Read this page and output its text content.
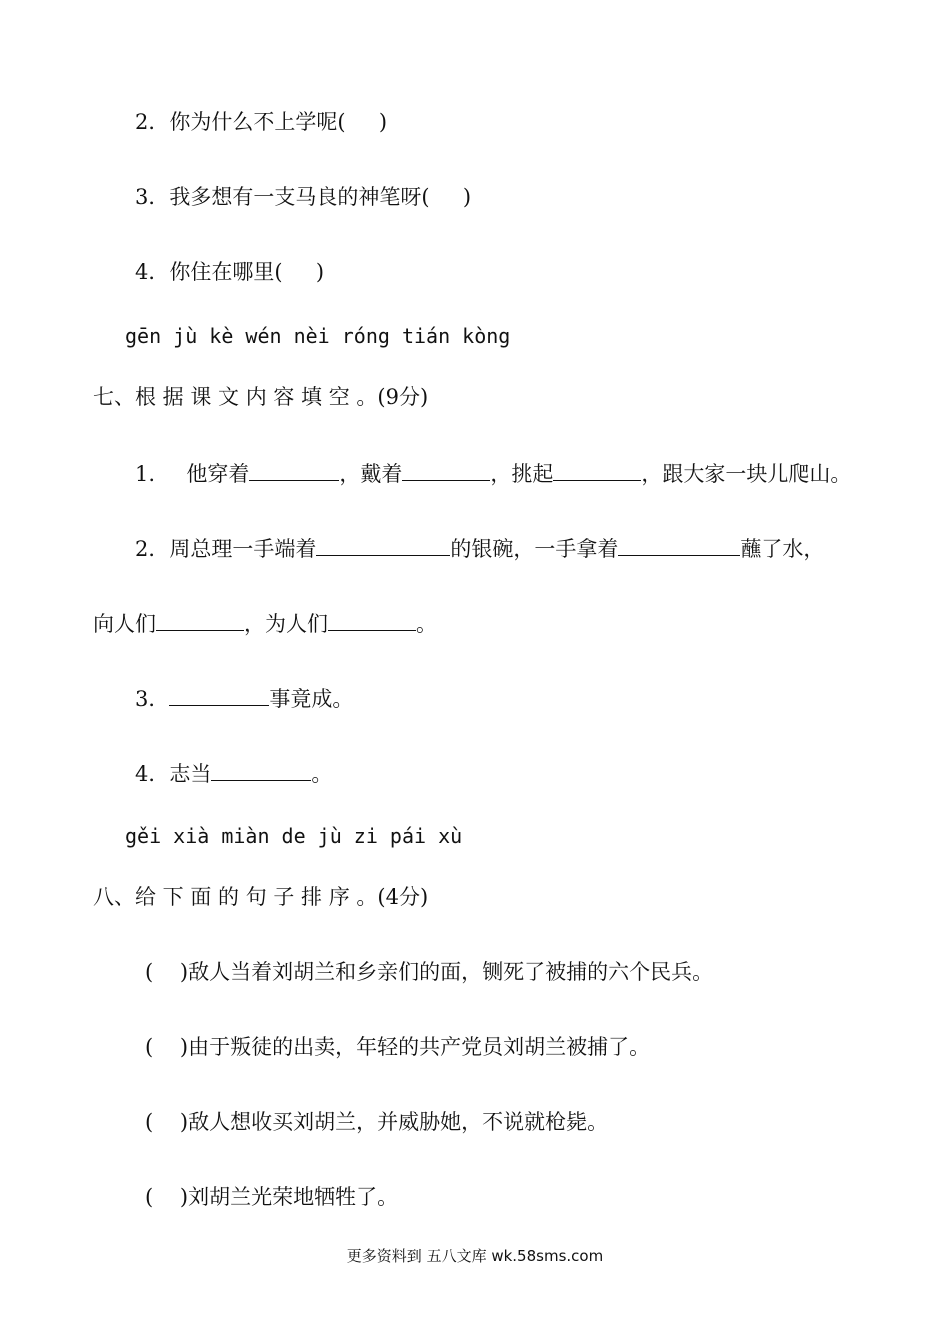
2．你为什么不上学呢(     )
3．我多想有一支马良的神笔呀(     )
4．你住在哪里(     )
gēn jù kè wén nèi róng tián kòng
七、根 据 课 文 内 容 填 空 。(9分)
1. 他穿着	，戴着	，挑起	，跟大家一块儿爬山。
2．周总理一手端着	的银碗，一手拿着	蘸了水，
向人们	，为人们	。
3．	事竟成。
4．志当	。
gěi xià miàn de jù zi pái xù
八、给 下 面 的 句 子 排 序 。(4分)
(    )敌人当着刘胡兰和乡亲们的面，铡死了被捕的六个民兵。
(    )由于叛徒的出卖，年轻的共产党员刘胡兰被捕了。
(    )敌人想收买刘胡兰，并威胁她，不说就枪毙。
(    )刘胡兰光荣地牺牲了。
更多资料到 五八文库 wk.58sms.com
